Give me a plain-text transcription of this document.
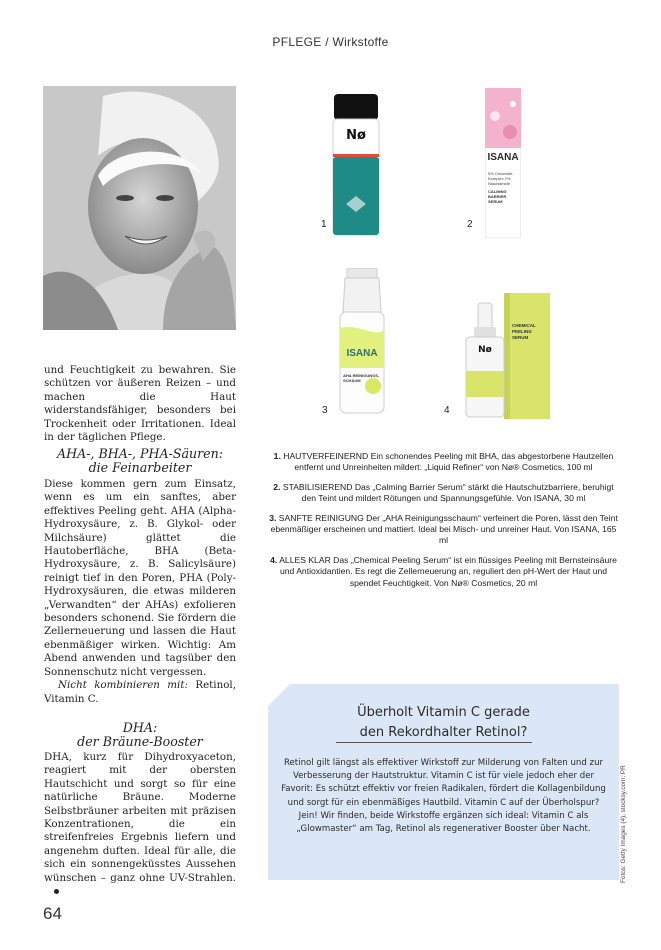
PFLEGE / Wirkstoffe

und Feuchtigkeit zu bewahren. Sie schützen vor äußeren Reizen – und machen die Haut widerstandsfähiger, besonders bei Trockenheit oder Irritationen. Ideal in der täglichen Pflege.

AHA-, BHA-, PHA-Säuren:

die Feinarbeiter

Diese kommen gern zum Einsatz, wenn es um ein sanftes, aber effektives Peeling geht. AHA (Alpha-Hydroxysäure, z. B. Glykol- oder Milchsäure) glättet die Hautoberfläche, BHA (Beta-Hydroxysäure, z. B. Salicylsäure) reinigt tief in den Poren, PHA (Poly-Hydroxysäuren, die etwas milderen „Verwandten“ der AHAs) exfolieren besonders schonend. Sie fördern die Zellerneuerung und lassen die Haut ebenmäßiger wirken. Wichtig: Am Abend anwenden und tagsüber den Sonnenschutz nicht vergessen.

Nicht kombinieren mit: Retinol, Vitamin C.

DHA:

der Bräune-Booster

DHA, kurz für Dihydroxyaceton, reagiert mit der obersten Hautschicht und sorgt so für eine natürliche Bräune. Moderne Selbstbräuner arbeiten mit präzisen Konzentrationen, die ein streifenfreies Ergebnis liefern und angenehm duften. Ideal für alle, die sich ein sonnengeküsstes Aussehen wünschen – ganz ohne UV-Strahlen.

Nø
1
ISANA
5% Ceramide-Komplex 2% Niacinamide
CALMING BARRIER SERUM
2
ISANA
AHA REINIGUNGS-SCHAUM
3
Nø
CHEMICAL PEELING SERUM
4

1. HAUTVERFEINERND Ein schonendes Peeling mit BHA, das abgestorbene Hautzellen entfernt und Unreinheiten mildert: „Liquid Refiner“ von Nø® Cosmetics, 100 ml

2. STABILISIEREND Das „Calming Barrier Serum“ stärkt die Hautschutzbarriere, beruhigt den Teint und mildert Rötungen und Spannungsgefühle. Von ISANA, 30 ml

3. SANFTE REINIGUNG Der „AHA Reinigungsschaum“ verfeinert die Poren, lässt den Teint ebenmäßiger erscheinen und mattiert. Ideal bei Misch- und unreiner Haut. Von ISANA, 165 ml

4. ALLES KLAR Das „Chemical Peeling Serum“ ist ein flüssiges Peeling mit Bernsteinsäure und Antioxidantien. Es regt die Zellerneuerung an, reguliert den pH-Wert der Haut und spendet Feuchtigkeit. Von Nø® Cosmetics, 20 ml

Überholt Vitamin C gerade
den Rekordhalter Retinol?
Retinol gilt längst als effektiver Wirkstoff zur Milderung von Falten und zur Verbesserung der Hautstruktur. Vitamin C ist für viele jedoch eher der Favorit: Es schützt effektiv vor freien Radikalen, fördert die Kollagenbildung und sorgt für ein ebenmäßiges Hautbild. Vitamin C auf der Überholspur? Jein! Wir finden, beide Wirkstoffe ergänzen sich ideal: Vitamin C als „Glowmaster“ am Tag, Retinol als regenerativer Booster über Nacht.	Fotos: Getty Images (4), stocksy.com; PR
64
